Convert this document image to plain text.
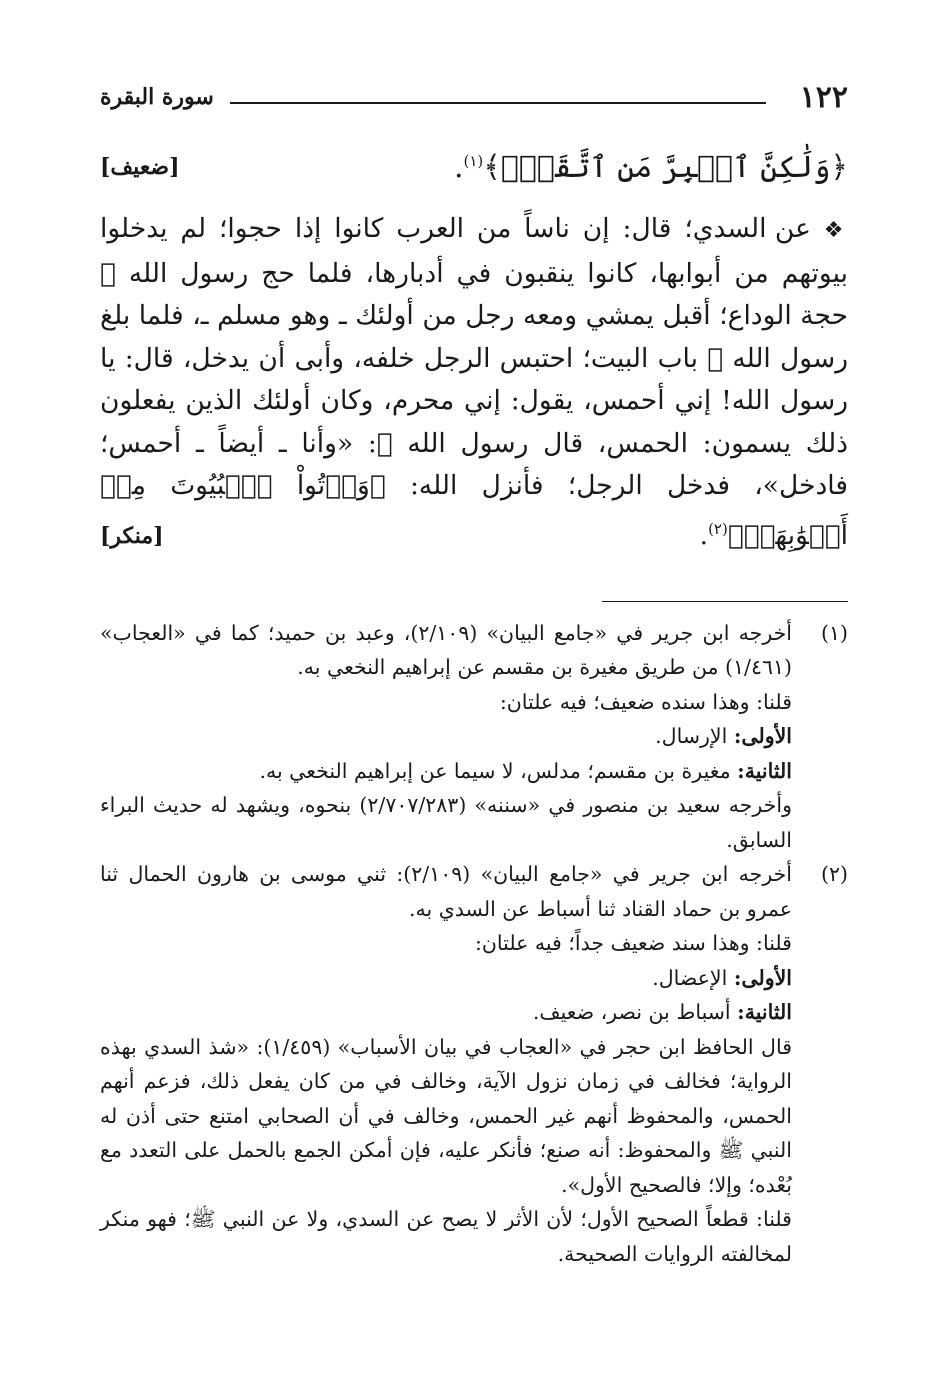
١٢٢
سورة البقرة
﴿وَلَٰكِنَّ ٱلۡبِرَّ مَنِ ٱتَّقَىٰۗ﴾$^{(١)}$.
[ضعيف]
❖ عن السدي؛ قال: إن ناساً من العرب كانوا إذا حجوا؛ لم يدخلوا بيوتهم من أبوابها، كانوا ينقبون في أدبارها، فلما حج رسول الله ﷺ حجة الوداع؛ أقبل يمشي ومعه رجل من أولئك ـ وهو مسلم ـ، فلما بلغ رسول الله ﷺ باب البيت؛ احتبس الرجل خلفه، وأبى أن يدخل، قال: يا رسول الله! إني أحمس، يقول: إني محرم، وكان أولئك الذين يفعلون ذلك يسمون: الحمس، قال رسول الله ﷺ: «وأنا ـ أيضاً ـ أحمس؛ فادخل»، فدخل الرجل؛ فأنزل الله: ﴿وَأۡتُواْ ٱلۡبُيُوتَ مِنۡ أَبۡوَٰبِهَاۚ﴾$^{(٢)}$.
[منكر]
(١)

أخرجه ابن جرير في «جامع البيان» (٢/١٠٩)، وعبد بن حميد؛ كما في «العجاب» (١/٤٦١) من طريق مغيرة بن مقسم عن إبراهيم النخعي به.

قلنا: وهذا سنده ضعيف؛ فيه علتان:

الأولى: الإرسال.

الثانية: مغيرة بن مقسم؛ مدلس، لا سيما عن إبراهيم النخعي به.

وأخرجه سعيد بن منصور في «سننه» (٢/٧٠٧/٢٨٣) بنحوه، ويشهد له حديث البراء السابق.

(٢)

أخرجه ابن جرير في «جامع البيان» (٢/١٠٩): ثني موسى بن هارون الحمال ثنا عمرو بن حماد القناد ثنا أسباط عن السدي به.

قلنا: وهذا سند ضعيف جداً؛ فيه علتان:

الأولى: الإعضال.

الثانية: أسباط بن نصر، ضعيف.

قال الحافظ ابن حجر في «العجاب في بيان الأسباب» (١/٤٥٩): «شذ السدي بهذه الرواية؛ فخالف في زمان نزول الآية، وخالف في من كان يفعل ذلك، فزعم أنهم الحمس، والمحفوظ أنهم غير الحمس، وخالف في أن الصحابي امتنع حتى أذن له النبي ﷺ والمحفوظ: أنه صنع؛ فأنكر عليه، فإن أمكن الجمع بالحمل على التعدد مع بُعْده؛ وإلا؛ فالصحيح الأول».

قلنا: قطعاً الصحيح الأول؛ لأن الأثر لا يصح عن السدي، ولا عن النبي ﷺ؛ فهو منكر لمخالفته الروايات الصحيحة.
